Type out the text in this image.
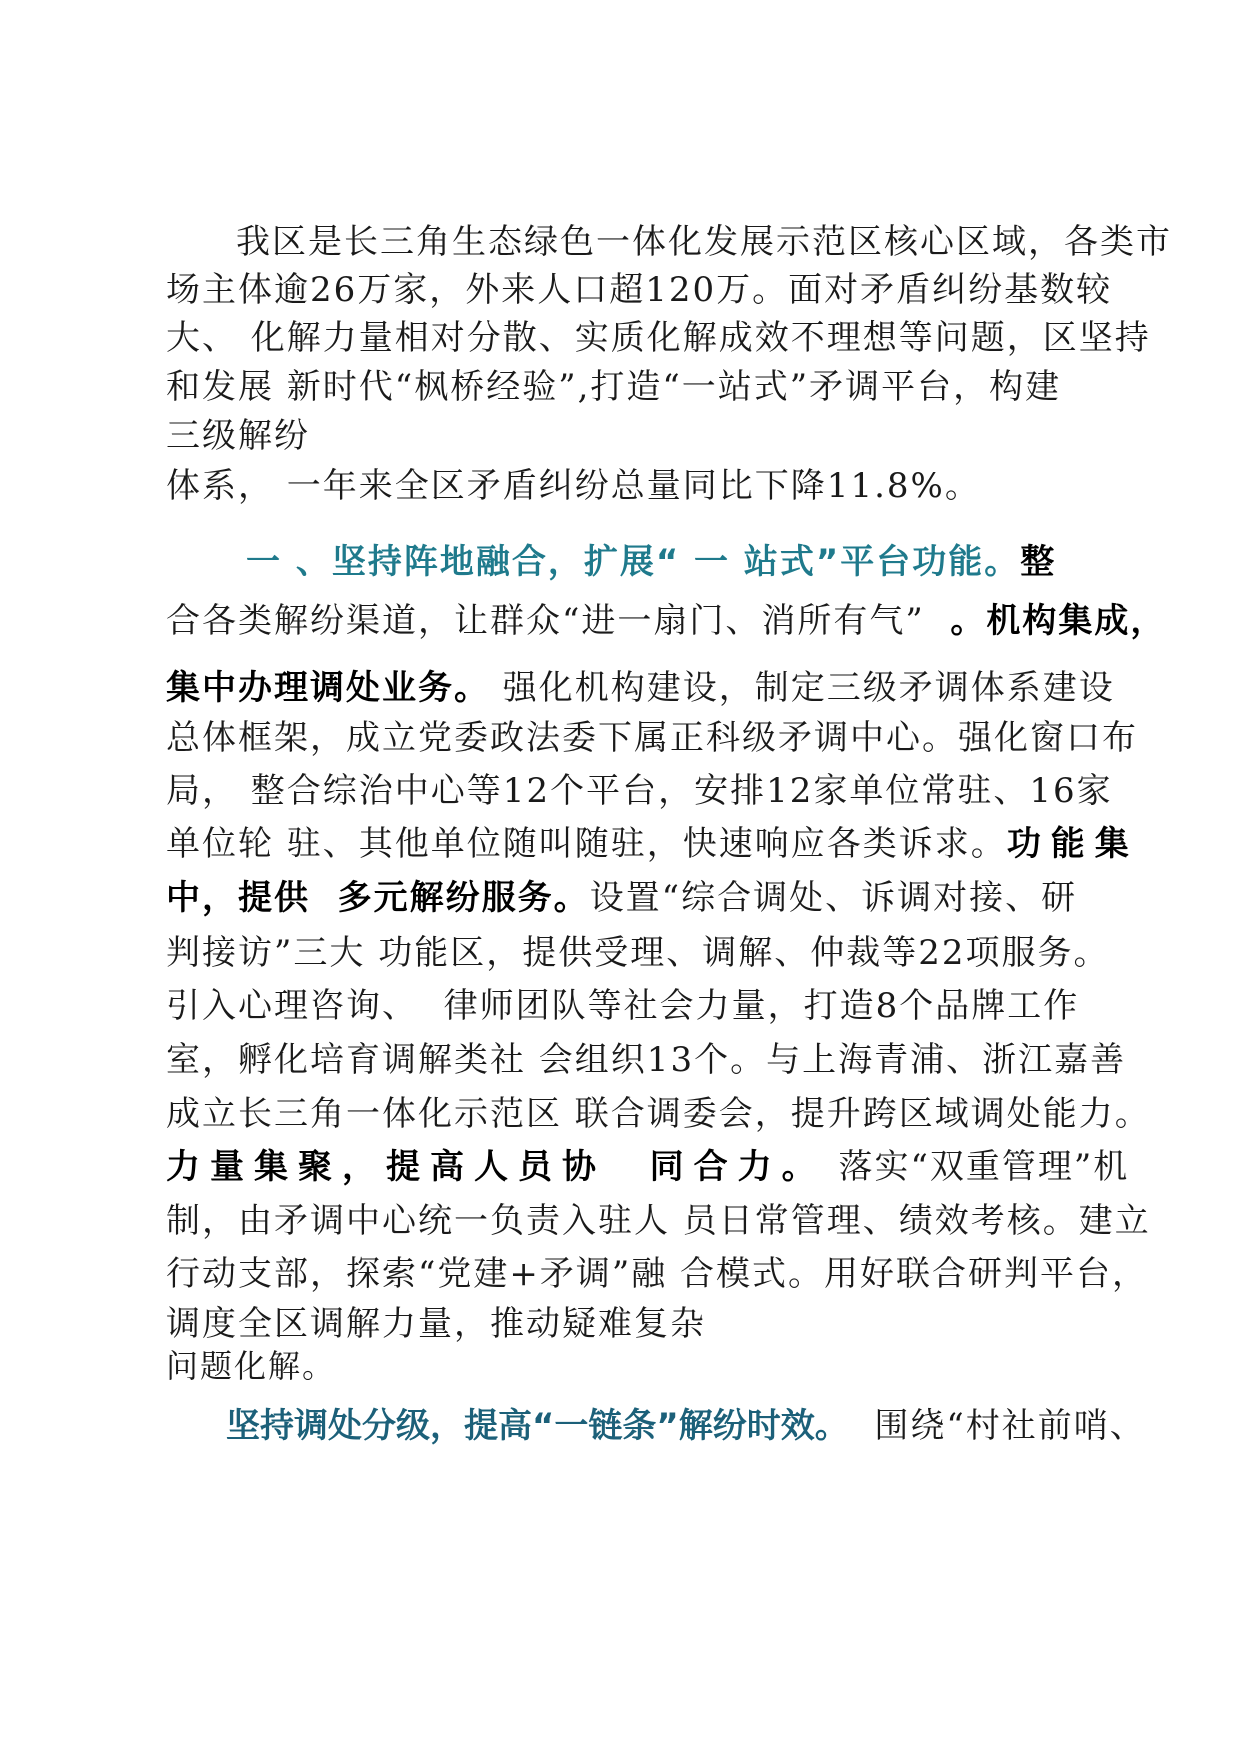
我区是长三角生态绿色一体化发展示范区核心区域，各类市
场主体逾26万家，外来人口超120万。面对矛盾纠纷基数较
大、 化解力量相对分散、实质化解成效不理想等问题，区坚持
和发展 新时代“枫桥经验”,打造“一站式”矛调平台，构建
三级解纷
体系， 一年来全区矛盾纠纷总量同比下降11.8%。
一 、坚持阵地融合，扩展“ 一 站式”平台功能。整
合各类解纷渠道，让群众“进一扇门、消所有气”  。机构集成，
集中办理调处业务。 强化机构建设，制定三级矛调体系建设
总体框架，成立党委政法委下属正科级矛调中心。强化窗口布
局， 整合综治中心等12个平台，安排12家单位常驻、16家
单位轮 驻、其他单位随叫随驻，快速响应各类诉求。功能集
中，提供  多元解纷服务。设置“综合调处、诉调对接、研
判接访”三大 功能区，提供受理、调解、仲裁等22项服务。
引入心理咨询、  律师团队等社会力量，打造8个品牌工作
室，孵化培育调解类社 会组织13个。与上海青浦、浙江嘉善
成立长三角一体化示范区 联合调委会，提升跨区域调处能力。
力量集聚，提高人员协  同合力。 落实“双重管理”机
制，由矛调中心统一负责入驻人 员日常管理、绩效考核。建立
行动支部，探索“党建+矛调”融 合模式。用好联合研判平台，
调度全区调解力量，推动疑难复杂
问题化解。
坚持调处分级，提高“一链条”解纷时效。  围绕“村社前哨、
